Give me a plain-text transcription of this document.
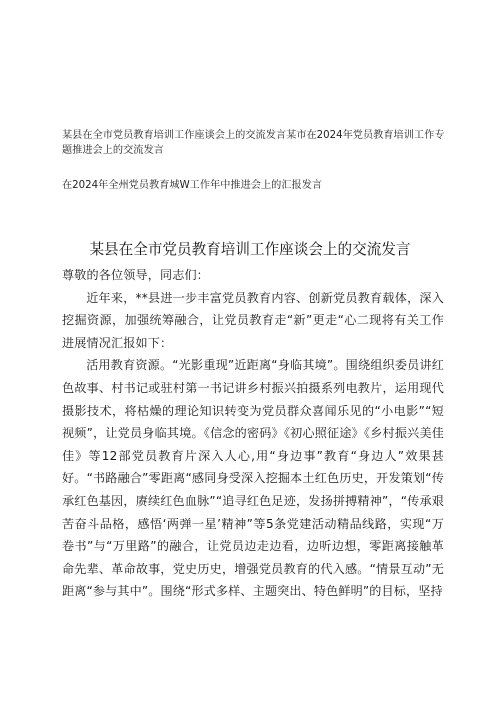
某县在全市党员教育培训工作座谈会上的交流发言某市在2024年党员教育培训工作专
题推进会上的交流发言
在2024年全州党员教育城W工作年中推进会上的汇报发言
某县在全市党员教育培训工作座谈会上的交流发言

尊敬的各位领导，同志们：

近年来，**县进一步丰富党员教育内容、创新党员教育载体，深入挖掘资源，加强统筹融合，让党员教育走“新”更走“心二现将有关工作进展情况汇报如下：

活用教育资源。“光影重现”近距离“身临其境”。围绕组织委员讲红色故事、村书记或驻村第一书记讲乡村振兴拍摄系列电教片，运用现代摄影技术，将枯燥的理论知识转变为党员群众喜闻乐见的“小电影”“短视频”，让党员身临其境。《信念的密码》《初心照征途》《乡村振兴美佳佳》等12部党员教育片深入人心,用“身边事”教育“身边人”效果甚好。“书路融合”零距离“感同身受深入挖掘本土红色历史，开发策划“传承红色基因，赓续红色血脉”“追寻红色足迹，发扬拼搏精神”，“传承艰苦奋斗品格，感悟‘两弹一星’精神”等5条党建活动精品线路，实现“万卷书”与“万里路”的融合，让党员边走边看，边听边想，零距离接触革命先辈、革命故事，党史历史，增强党员教育的代入感。“情景互动”无距离“参与其中”。围绕“形式多样、主题突出、特色鲜明”的目标，坚持
